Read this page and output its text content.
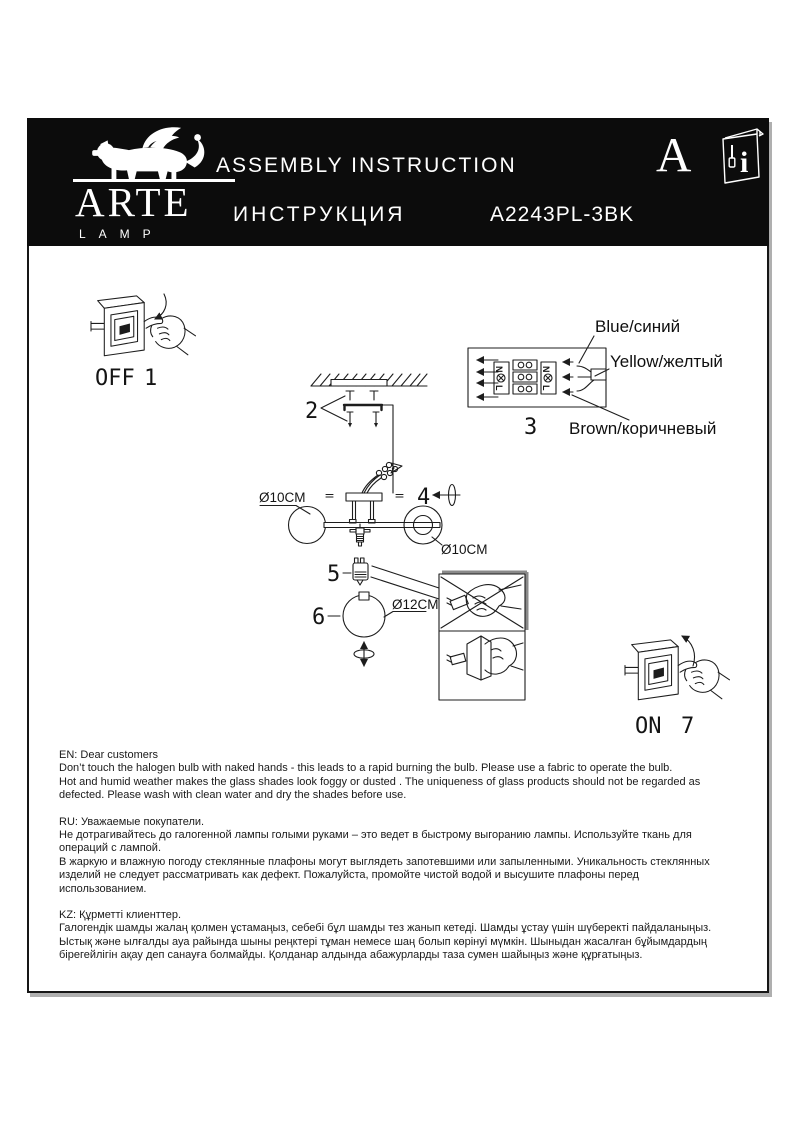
ARTE
LAMP
ASSEMBLY INSTRUCTION
ИНСТРУКЦИЯ	A2243PL-3BK
A i
OFF 1
2
N
L
N
L
3
Blue/синий
Yellow/желтый
Brown/коричневый
Ø10CM
Ø10CM
4
5
6
Ø12CM
ON 7
EN: Dear customers
Don’t touch the halogen bulb with naked hands - this leads to a rapid burning the bulb. Please use a fabric to operate the bulb.
Hot and humid weather makes the glass shades look foggy or dusted . The uniqueness of glass products should not be regarded as
defected. Please wash with clean water and dry the shades before use.
RU: Уважаемые покупатели.
Не дотрагивайтесь до галогенной лампы голыми руками – это ведет в быстрому выгоранию лампы. Используйте ткань для
операций с лампой.
В жаркую и влажную погоду стеклянные плафоны могут выглядеть запотевшими или запыленными. Уникальность стеклянных
изделий не следует рассматривать как дефект. Пожалуйста, промойте чистой водой и высушите плафоны перед
использованием.
KZ: Құрметті клиенттер.
Галогендік шамды жалаң қолмен ұстамаңыз, себебі бұл шамды тез жанып кетеді. Шамды ұстау үшін шүберекті пайдаланыңыз.
Ыстық және ылғалды ауа райында шыны реңктері тұман немесе шаң болып көрінуі мүмкін. Шыныдан жасалған бұйымдардың
бірегейлігін ақау деп санауға болмайды. Қолданар алдында абажурларды таза сумен шайыңыз және құрғатыңыз.
